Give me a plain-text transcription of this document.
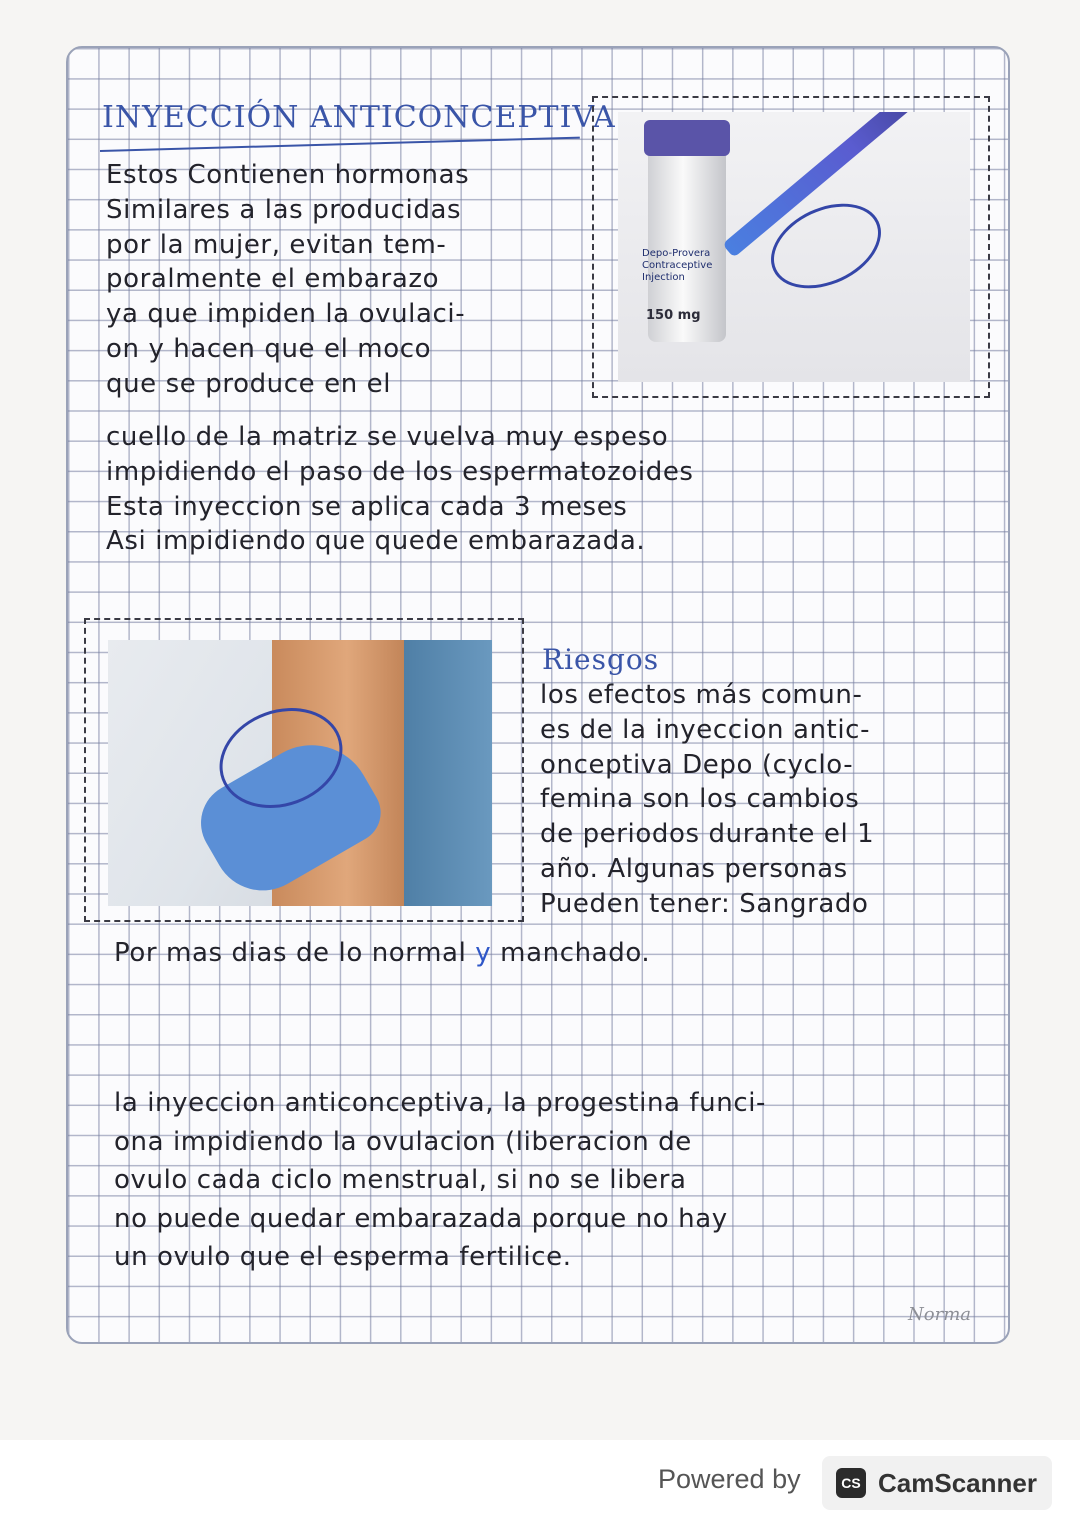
INYECCIÓN ANTICONCEPTIVA
Depo-Provera
Contraceptive
Injection
150 mg
Estos Contienen hormonas
Similares a las producidas
por la mujer, evitan tem-
poralmente el embarazo
ya que impiden la ovulaci-
on y hacen que el moco
que se produce en el
cuello de la matriz se vuelva muy espeso
impidiendo el paso de los espermatozoides
Esta inyeccion se aplica cada 3 meses
Asi impidiendo que quede embarazada.
Riesgos
los efectos más comun-
es de la inyeccion antic-
onceptiva Depo (cyclo-
femina son los cambios
de periodos durante el 1
año. Algunas personas
Pueden tener: Sangrado
Por mas dias de lo normal y manchado.
la inyeccion anticonceptiva, la progestina funci-
ona impidiendo la ovulacion (liberacion de
ovulo cada ciclo menstrual, si no se libera
no puede quedar embarazada porque no hay
un ovulo que el esperma fertilice.
Norma
Powered by	CS CamScanner
